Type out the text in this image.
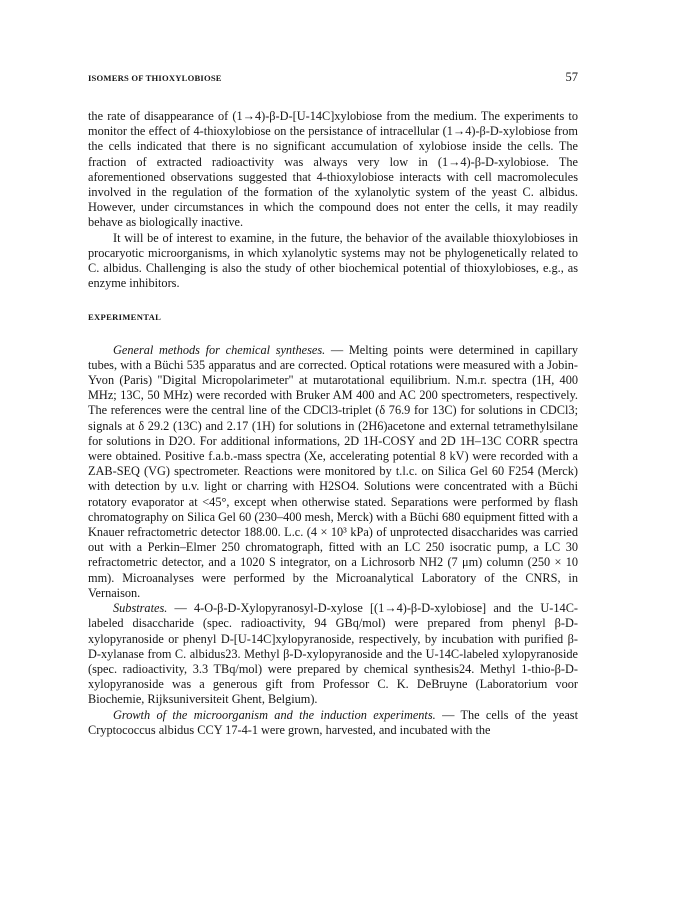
ISOMERS OF THIOXYLOBIOSE	57

the rate of disappearance of (1→4)-β-D-[U-14C]xylobiose from the medium. The experiments to monitor the effect of 4-thioxylobiose on the persistance of intracellular (1→4)-β-D-xylobiose from the cells indicated that there is no significant accumulation of xylobiose inside the cells. The fraction of extracted radioactivity was always very low in (1→4)-β-D-xylobiose. The aforementioned observations suggested that 4-thioxylobiose interacts with cell macromolecules involved in the regulation of the formation of the xylanolytic system of the yeast C. albidus. However, under circumstances in which the compound does not enter the cells, it may readily behave as biologically inactive.

It will be of interest to examine, in the future, the behavior of the available thioxylobioses in procaryotic microorganisms, in which xylanolytic systems may not be phylogenetically related to C. albidus. Challenging is also the study of other biochemical potential of thioxylobioses, e.g., as enzyme inhibitors.

EXPERIMENTAL

General methods for chemical syntheses. — Melting points were determined in capillary tubes, with a Büchi 535 apparatus and are corrected. Optical rotations were measured with a Jobin-Yvon (Paris) "Digital Micropolarimeter" at mutarotational equilibrium. N.m.r. spectra (1H, 400 MHz; 13C, 50 MHz) were recorded with Bruker AM 400 and AC 200 spectrometers, respectively. The references were the central line of the CDCl3-triplet (δ 76.9 for 13C) for solutions in CDCl3; signals at δ 29.2 (13C) and 2.17 (1H) for solutions in (2H6)acetone and external tetramethylsilane for solutions in D2O. For additional informations, 2D 1H-COSY and 2D 1H–13C CORR spectra were obtained. Positive f.a.b.-mass spectra (Xe, accelerating potential 8 kV) were recorded with a ZAB-SEQ (VG) spectrometer. Reactions were monitored by t.l.c. on Silica Gel 60 F254 (Merck) with detection by u.v. light or charring with H2SO4. Solutions were concentrated with a Büchi rotatory evaporator at <45°, except when otherwise stated. Separations were performed by flash chromatography on Silica Gel 60 (230–400 mesh, Merck) with a Büchi 680 equipment fitted with a Knauer refractometric detector 188.00. L.c. (4 × 10³ kPa) of unprotected disaccharides was carried out with a Perkin–Elmer 250 chromatograph, fitted with an LC 250 isocratic pump, a LC 30 refractometric detector, and a 1020 S integrator, on a Lichrosorb NH2 (7 μm) column (250 × 10 mm). Microanalyses were performed by the Microanalytical Laboratory of the CNRS, in Vernaison.

Substrates. — 4-O-β-D-Xylopyranosyl-D-xylose [(1→4)-β-D-xylobiose] and the U-14C-labeled disaccharide (spec. radioactivity, 94 GBq/mol) were prepared from phenyl β-D-xylopyranoside or phenyl D-[U-14C]xylopyranoside, respectively, by incubation with purified β-D-xylanase from C. albidus23. Methyl β-D-xylopyranoside and the U-14C-labeled xylopyranoside (spec. radioactivity, 3.3 TBq/mol) were prepared by chemical synthesis24. Methyl 1-thio-β-D-xylopyranoside was a generous gift from Professor C. K. DeBruyne (Laboratorium voor Biochemie, Rijksuniversiteit Ghent, Belgium).

Growth of the microorganism and the induction experiments. — The cells of the yeast Cryptococcus albidus CCY 17-4-1 were grown, harvested, and incubated with the
